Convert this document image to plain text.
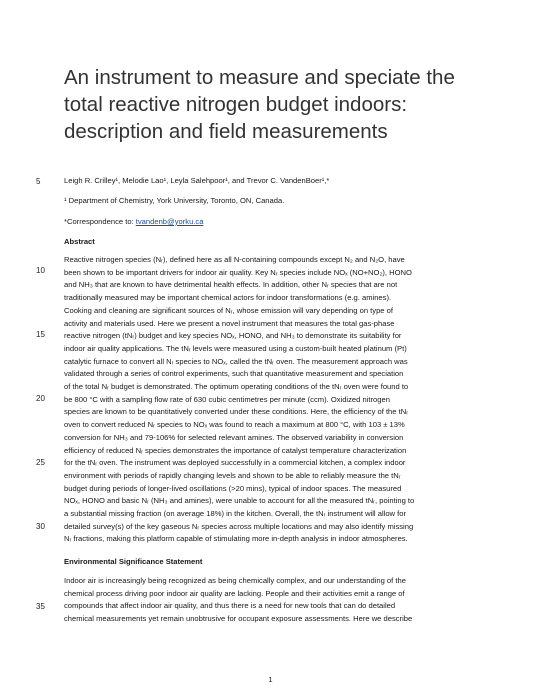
An instrument to measure and speciate the total reactive nitrogen budget indoors: description and field measurements
5
10
15
20
25
30
35
Leigh R. Crilley¹, Melodie Lao¹, Leyla Salehpoor¹, and Trevor C. VandenBoer¹,*
¹ Department of Chemistry, York University, Toronto, ON, Canada.
*Correspondence to: tvandenb@yorku.ca
Abstract

Reactive nitrogen species (Nᵣ), defined here as all N-containing compounds except N₂ and N₂O, have

been shown to be important drivers for indoor air quality. Key Nᵣ species include NOₓ (NO+NO₂), HONO

and NH₃ that are known to have detrimental health effects. In addition, other Nᵣ species that are not

traditionally measured may be important chemical actors for indoor transformations (e.g. amines).

Cooking and cleaning are significant sources of Nᵣ, whose emission will vary depending on type of

activity and materials used. Here we present a novel instrument that measures the total gas-phase

reactive nitrogen (tNᵣ) budget and key species NOₓ, HONO, and NH₃ to demonstrate its suitability for

indoor air quality applications. The tNᵣ levels were measured using a custom-built heated platinum (Pt)

catalytic furnace to convert all Nᵣ species to NOₓ, called the tNᵣ oven. The measurement approach was

validated through a series of control experiments, such that quantitative measurement and speciation

of the total Nᵣ budget is demonstrated. The optimum operating conditions of the tNᵣ oven were found to

be 800 °C with a sampling flow rate of 630 cubic centimetres per minute (ccm). Oxidized nitrogen

species are known to be quantitatively converted under these conditions. Here, the efficiency of the tNᵣ

oven to convert reduced Nᵣ species to NOₓ was found to reach a maximum at 800 °C, with 103 ± 13%

conversion for NH₃ and 79-106% for selected relevant amines. The observed variability in conversion

efficiency of reduced Nᵣ species demonstrates the importance of catalyst temperature characterization

for the tNᵣ oven. The instrument was deployed successfully in a commercial kitchen, a complex indoor

environment with periods of rapidly changing levels and shown to be able to reliably measure the tNᵣ

budget during periods of longer-lived oscillations (>20 mins), typical of indoor spaces. The measured

NOₓ, HONO and basic Nᵣ (NH₃ and amines), were unable to account for all the measured tNᵣ, pointing to

a substantial missing fraction (on average 18%) in the kitchen. Overall, the tNᵣ instrument will allow for

detailed survey(s) of the key gaseous Nᵣ species across multiple locations and may also identify missing

Nᵣ fractions, making this platform capable of stimulating more in-depth analysis in indoor atmospheres.

Environmental Significance Statement

Indoor air is increasingly being recognized as being chemically complex, and our understanding of the

chemical process driving poor indoor air quality are lacking. People and their activities emit a range of

compounds that affect indoor air quality, and thus there is a need for new tools that can do detailed

chemical measurements yet remain unobtrusive for occupant exposure assessments. Here we describe

1
